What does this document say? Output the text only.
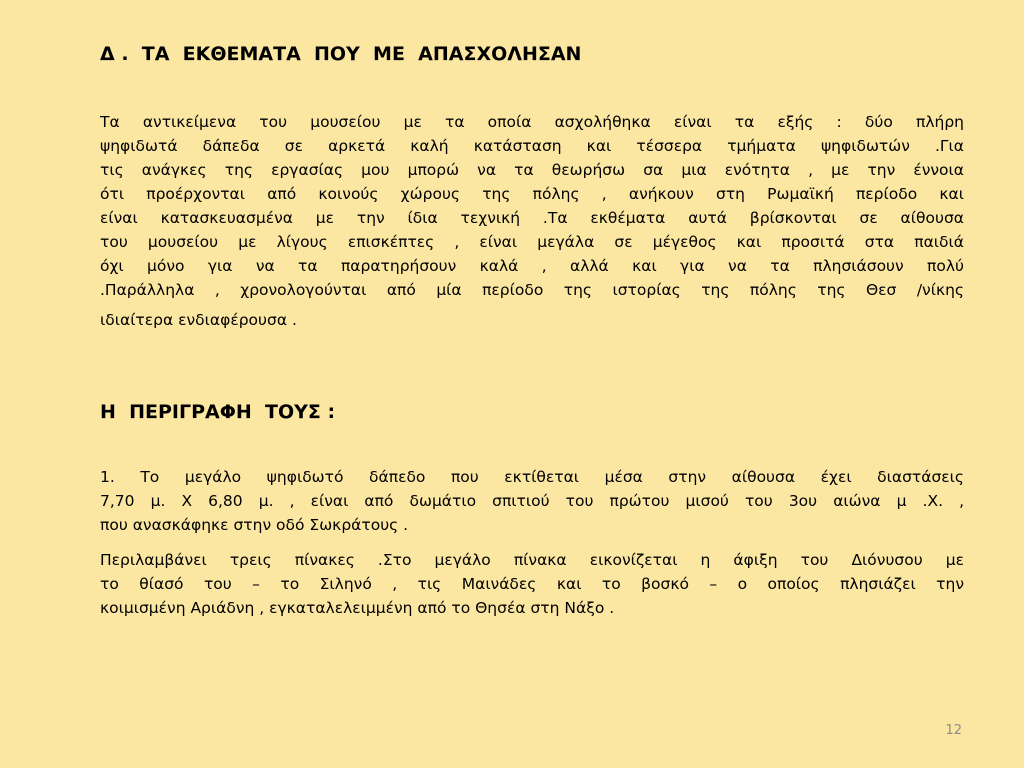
Δ .  ΤΑ  ΕΚΘΕΜΑΤΑ  ΠΟΥ  ΜΕ  ΑΠΑΣΧΟΛΗΣΑΝ
Τα αντικείμενα του μουσείου με τα οποία ασχολήθηκα είναι τα εξής : δύο πλήρη
ψηφιδωτά δάπεδα σε αρκετά καλή κατάσταση και τέσσερα τμήματα ψηφιδωτών .Για
τις ανάγκες της εργασίας μου μπορώ να τα θεωρήσω σα μια ενότητα , με την έννοια
ότι προέρχονται από κοινούς χώρους της πόλης , ανήκουν στη Ρωμαϊκή περίοδο και
είναι κατασκευασμένα με την ίδια τεχνική .Τα εκθέματα αυτά βρίσκονται σε αίθουσα
του μουσείου με λίγους επισκέπτες , είναι μεγάλα σε μέγεθος και προσιτά στα παιδιά
όχι μόνο για να τα παρατηρήσουν καλά , αλλά και για να τα πλησιάσουν πολύ
.Παράλληλα , χρονολογούνται από μία περίοδο της ιστορίας της πόλης της Θεσ /νίκης
ιδιαίτερα ενδιαφέρουσα .
Η  ΠΕΡΙΓΡΑΦΗ  ΤΟΥΣ :
1. Το μεγάλο ψηφιδωτό δάπεδο που εκτίθεται μέσα στην αίθουσα έχει διαστάσεις
7,70 μ. Χ 6,80 μ. , είναι από δωμάτιο σπιτιού του πρώτου μισού του 3ου αιώνα μ .Χ. ,
που ανασκάφηκε στην οδό Σωκράτους .
Περιλαμβάνει τρεις πίνακες .Στο μεγάλο πίνακα εικονίζεται η άφιξη του Διόνυσου με
το θίασό του – το Σιληνό , τις Μαινάδες και το βοσκό – ο οποίος πλησιάζει την
κοιμισμένη Αριάδνη , εγκαταλελειμμένη από το Θησέα στη Νάξο .
12
